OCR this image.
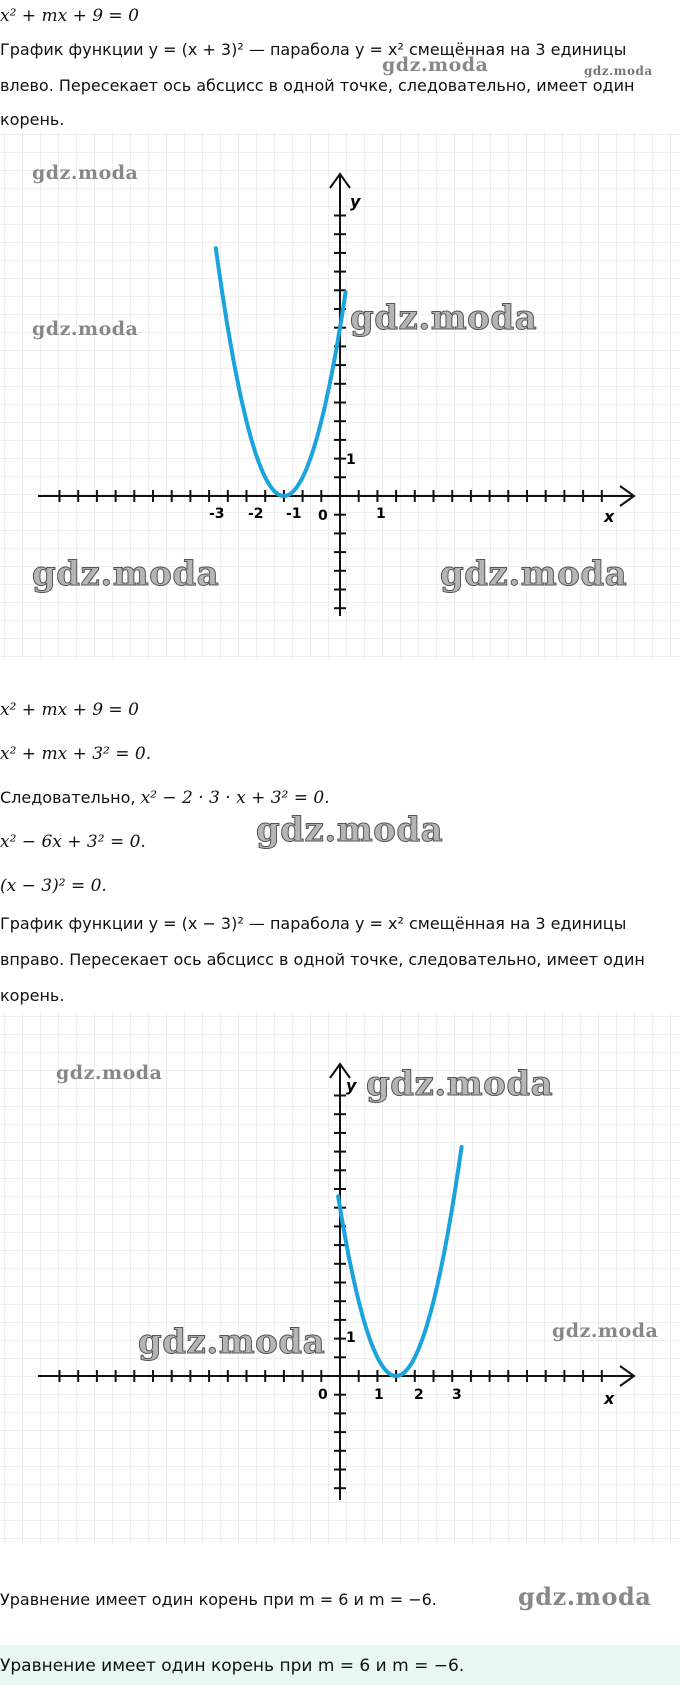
x² + mx + 9 = 0
График функции y = (x + 3)² — парабола y = x² смещённая на 3 единицы
влево. Пересекает ось абсцисс в одной точке, следовательно, имеет один
корень.
y
x
0
-3 -2 -1	1
1
x² + mx + 9 = 0
x² + mx + 3² = 0.
Следовательно, x² − 2 · 3 · x + 3² = 0.
x² − 6x + 3² = 0.
(x − 3)² = 0.
График функции y = (x − 3)² — парабола y = x² смещённая на 3 единицы
вправо. Пересекает ось абсцисс в одной точке, следовательно, имеет один
корень.
y
x
0	1 2 3
1
Уравнение имеет один корень при m = 6 и m = −6.
Уравнение имеет один корень при m = 6 и m = −6.
gdz.moda	gdz.moda
gdz.moda
gdz.moda	gdz.moda
gdz.moda	gdz.moda
gdz.moda
gdz.moda	gdz.moda
gdz.moda	gdz.moda
gdz.moda
